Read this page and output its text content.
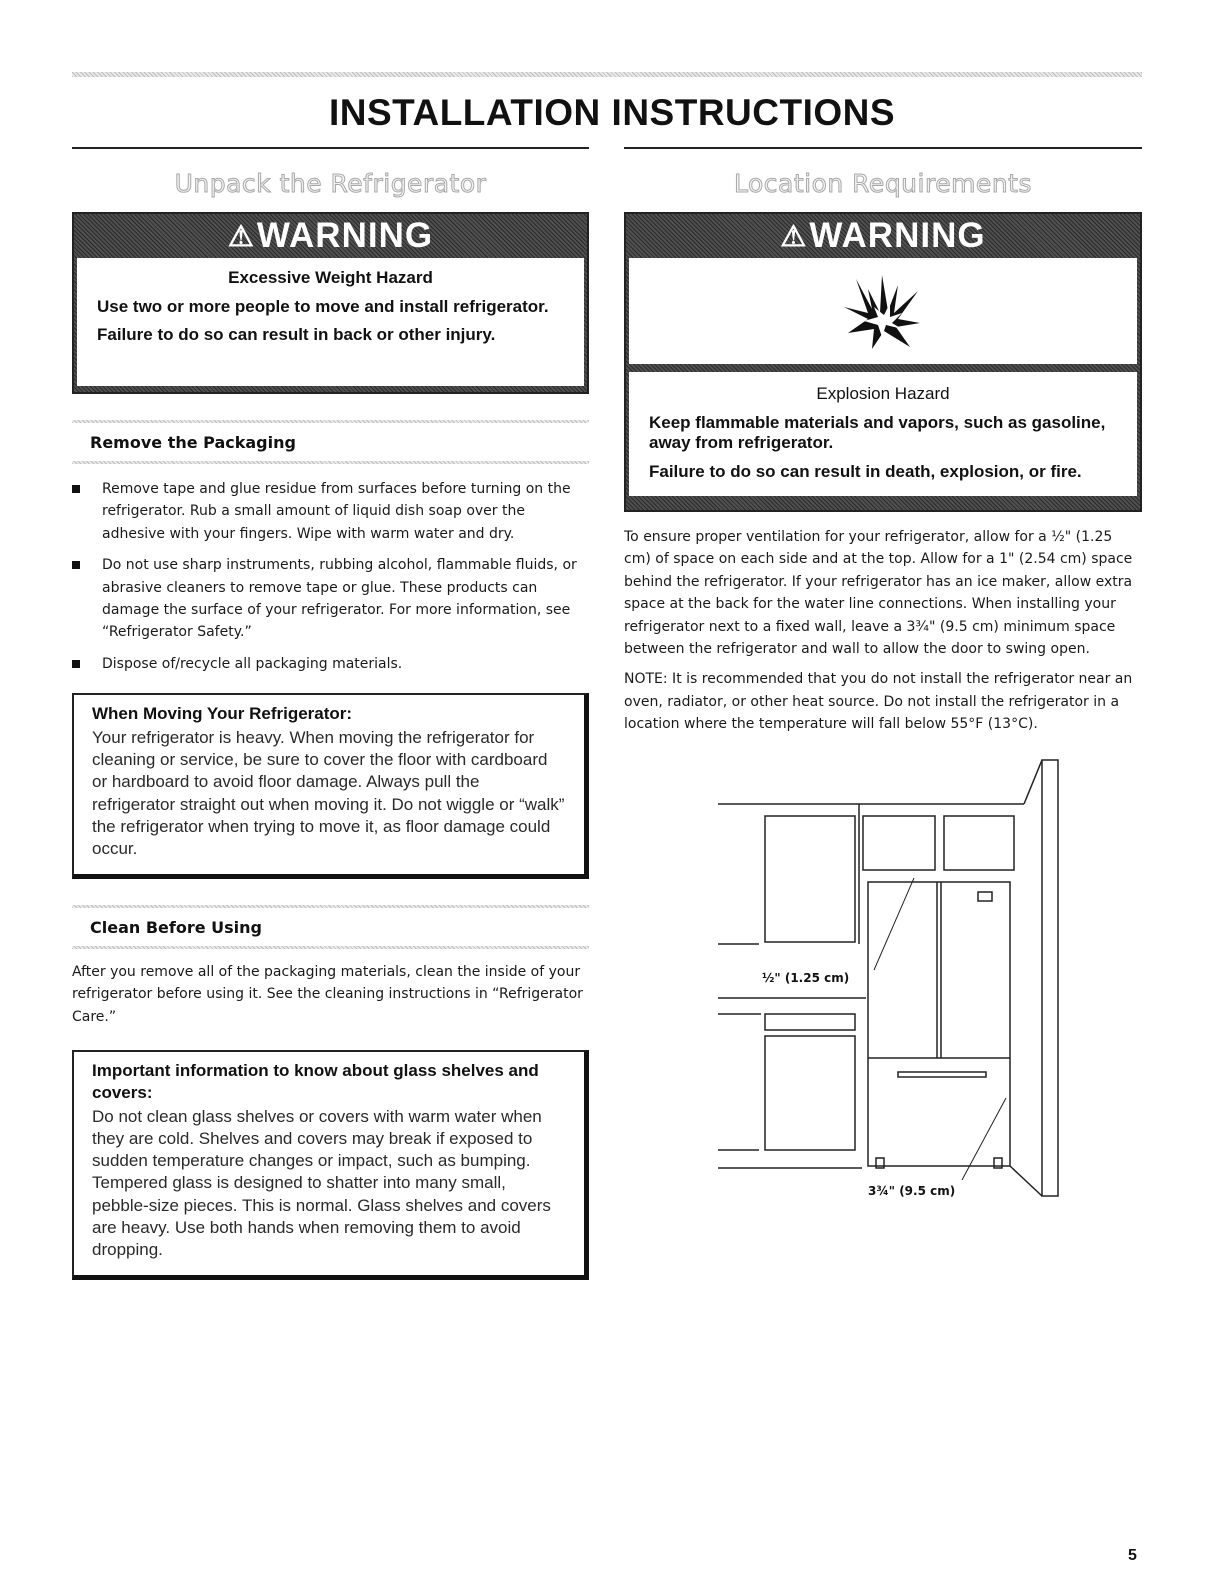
INSTALLATION INSTRUCTIONS
Unpack the Refrigerator
⚠ WARNING
Excessive Weight Hazard

Use two or more people to move and install refrigerator.

Failure to do so can result in back or other injury.

Remove the Packaging
Remove tape and glue residue from surfaces before turning on the refrigerator. Rub a small amount of liquid dish soap over the adhesive with your fingers. Wipe with warm water and dry.
Do not use sharp instruments, rubbing alcohol, flammable fluids, or abrasive cleaners to remove tape or glue. These products can damage the surface of your refrigerator. For more information, see “Refrigerator Safety.”
Dispose of/recycle all packaging materials.
When Moving Your Refrigerator:

Your refrigerator is heavy. When moving the refrigerator for cleaning or service, be sure to cover the floor with cardboard or hardboard to avoid floor damage. Always pull the refrigerator straight out when moving it. Do not wiggle or “walk” the refrigerator when trying to move it, as floor damage could occur.

Clean Before Using

After you remove all of the packaging materials, clean the inside of your refrigerator before using it. See the cleaning instructions in “Refrigerator Care.”

Important information to know about glass shelves and covers:

Do not clean glass shelves or covers with warm water when they are cold. Shelves and covers may break if exposed to sudden temperature changes or impact, such as bumping. Tempered glass is designed to shatter into many small, pebble-size pieces. This is normal. Glass shelves and covers are heavy. Use both hands when removing them to avoid dropping.

Location Requirements
⚠ WARNING
Explosion Hazard

Keep flammable materials and vapors, such as gasoline, away from refrigerator.

Failure to do so can result in death, explosion, or fire.

To ensure proper ventilation for your refrigerator, allow for a ½" (1.25 cm) of space on each side and at the top. Allow for a 1" (2.54 cm) space behind the refrigerator. If your refrigerator has an ice maker, allow extra space at the back for the water line connections. When installing your refrigerator next to a fixed wall, leave a 3¾" (9.5 cm) minimum space between the refrigerator and wall to allow the door to swing open.

NOTE: It is recommended that you do not install the refrigerator near an oven, radiator, or other heat source. Do not install the refrigerator in a location where the temperature will fall below 55°F (13°C).

½" (1.25 cm)
3¾" (9.5 cm)

5
